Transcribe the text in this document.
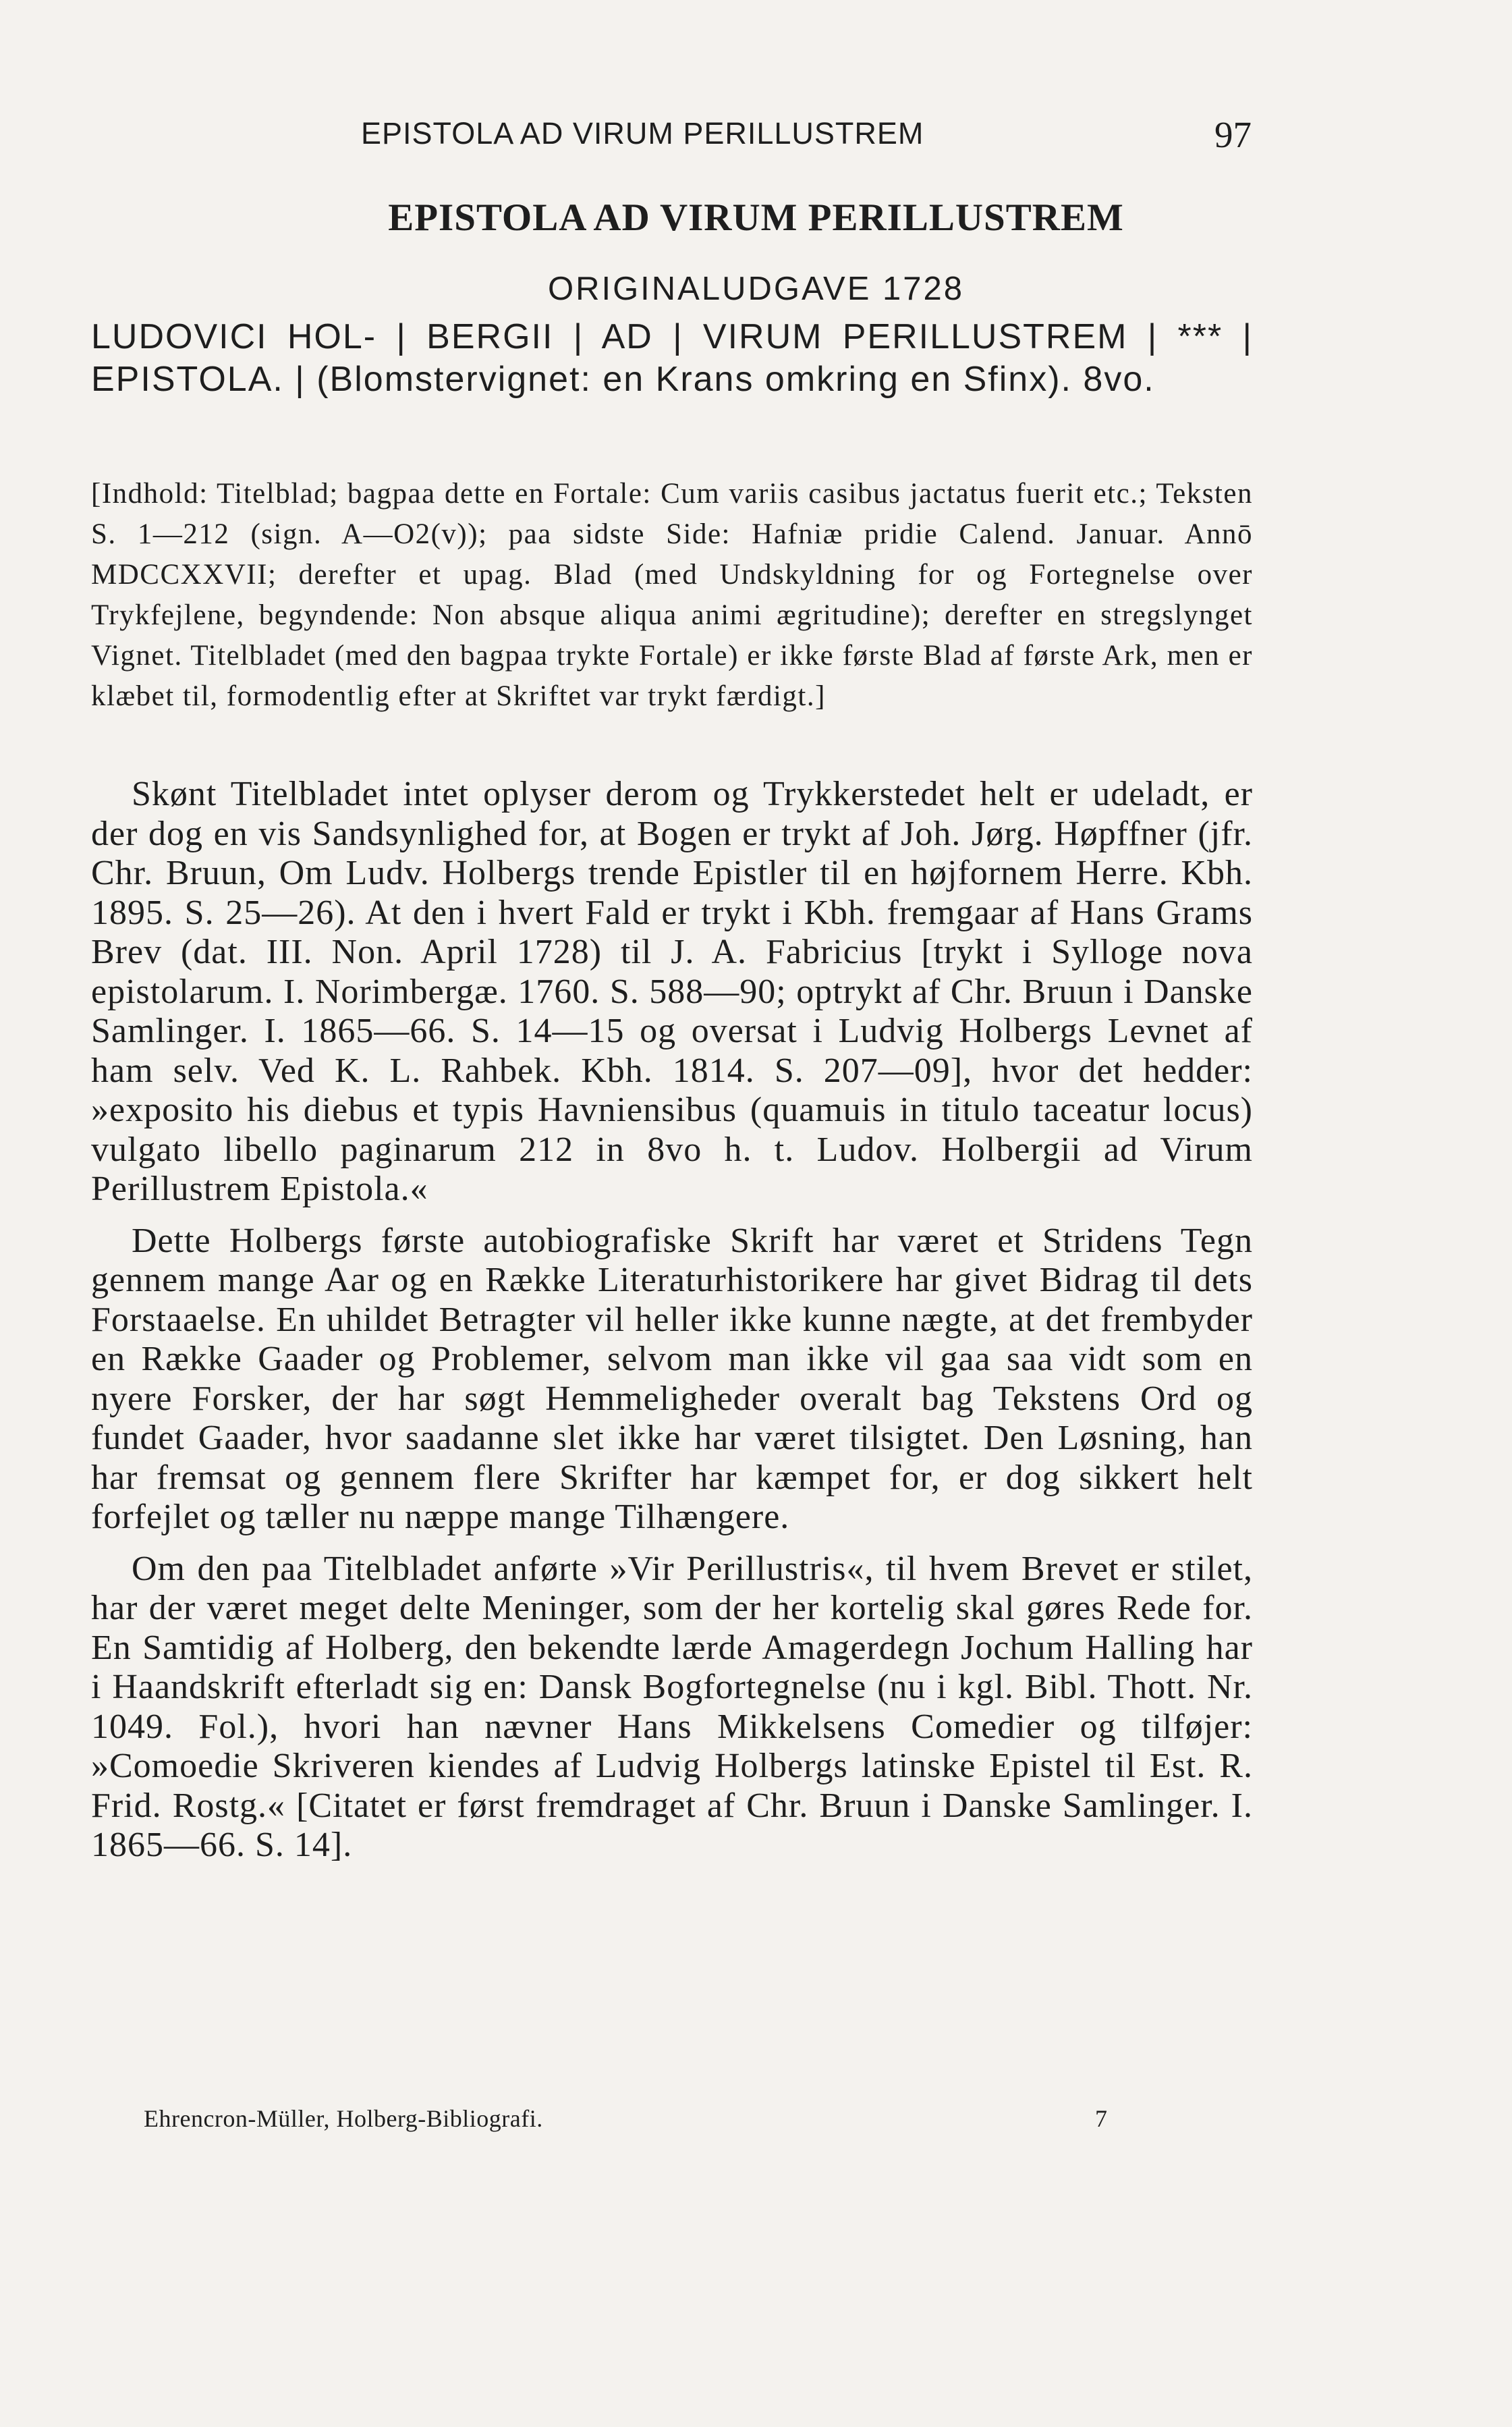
EPISTOLA AD VIRUM PERILLUSTREM	97
EPISTOLA AD VIRUM PERILLUSTREM
ORIGINALUDGAVE 1728

LUDOVICI HOL- | BERGII | AD | VIRUM PERILLUSTREM | *** | EPISTOLA. | (Blomstervignet: en Krans omkring en Sfinx). 8vo.

[Indhold: Titelblad; bagpaa dette en Fortale: Cum variis casibus jactatus fuerit etc.; Teksten S. 1—212 (sign. A—O2(v)); paa sidste Side: Hafniæ pridie Calend. Januar. Annō MDCCXXVII; derefter et upag. Blad (med Undskyldning for og Fortegnelse over Trykfejlene, begyndende: Non absque aliqua animi ægritudine); derefter en stregslynget Vignet. Titelbladet (med den bagpaa trykte Fortale) er ikke første Blad af første Ark, men er klæbet til, formodentlig efter at Skriftet var trykt færdigt.]

Skønt Titelbladet intet oplyser derom og Trykkerstedet helt er udeladt, er der dog en vis Sandsynlighed for, at Bogen er trykt af Joh. Jørg. Høpffner (jfr. Chr. Bruun, Om Ludv. Holbergs trende Epistler til en højfornem Herre. Kbh. 1895. S. 25—26). At den i hvert Fald er trykt i Kbh. fremgaar af Hans Grams Brev (dat. III. Non. April 1728) til J. A. Fabricius [trykt i Sylloge nova epistolarum. I. Norimbergæ. 1760. S. 588—90; optrykt af Chr. Bruun i Danske Samlinger. I. 1865—66. S. 14—15 og oversat i Ludvig Holbergs Levnet af ham selv. Ved K. L. Rahbek. Kbh. 1814. S. 207—09], hvor det hedder: »exposito his diebus et typis Havniensibus (quamuis in titulo taceatur locus) vulgato libello paginarum 212 in 8vo h. t. Ludov. Holbergii ad Virum Perillustrem Epistola.«

Dette Holbergs første autobiografiske Skrift har været et Stridens Tegn gennem mange Aar og en Række Literaturhistorikere har givet Bidrag til dets Forstaaelse. En uhildet Betragter vil heller ikke kunne nægte, at det frembyder en Række Gaader og Problemer, selvom man ikke vil gaa saa vidt som en nyere Forsker, der har søgt Hemmeligheder overalt bag Tekstens Ord og fundet Gaader, hvor saadanne slet ikke har været tilsigtet. Den Løsning, han har fremsat og gennem flere Skrifter har kæmpet for, er dog sikkert helt forfejlet og tæller nu næppe mange Tilhængere.

Om den paa Titelbladet anførte »Vir Perillustris«, til hvem Brevet er stilet, har der været meget delte Meninger, som der her kortelig skal gøres Rede for. En Samtidig af Holberg, den bekendte lærde Amagerdegn Jochum Halling har i Haandskrift efterladt sig en: Dansk Bogfortegnelse (nu i kgl. Bibl. Thott. Nr. 1049. Fol.), hvori han nævner Hans Mikkelsens Comedier og tilføjer: »Comoedie Skriveren kiendes af Ludvig Holbergs latinske Epistel til Est. R. Frid. Rostg.« [Citatet er først fremdraget af Chr. Bruun i Danske Samlinger. I. 1865—66. S. 14].

Ehrencron-Müller, Holberg-Bibliografi.	7
